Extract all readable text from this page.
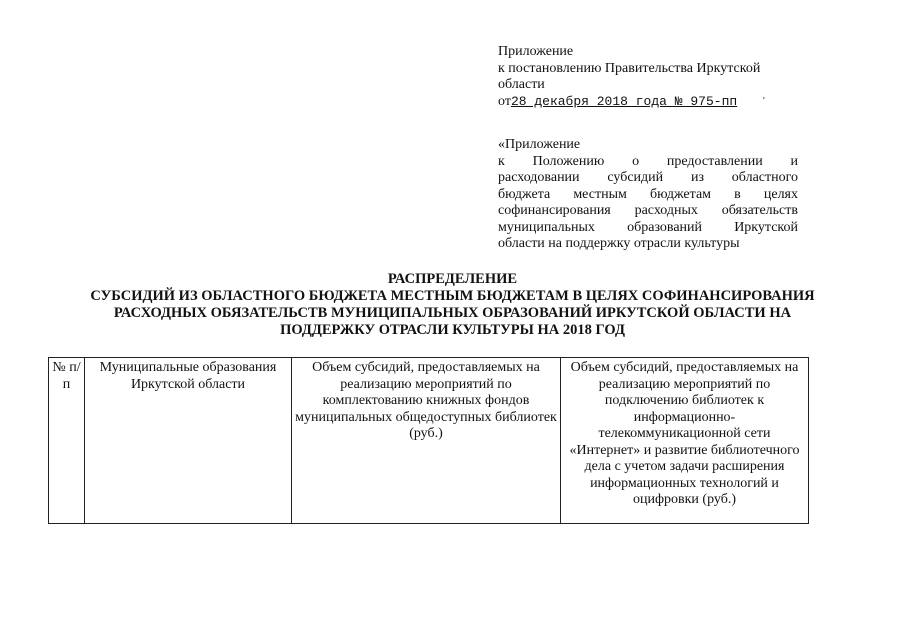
Приложение
к постановлению Правительства Иркутской
области
от28 декабря 2018 года № 975-пп	'
«Приложение
к Положению о предоставлении и
расходовании субсидий из областного
бюджета местным бюджетам в целях
софинансирования расходных обязательств
муниципальных образований Иркутской
области на поддержку отрасли культуры
РАСПРЕДЕЛЕНИЕ
СУБСИДИЙ ИЗ ОБЛАСТНОГО БЮДЖЕТА МЕСТНЫМ БЮДЖЕТАМ В ЦЕЛЯХ СОФИНАНСИРОВАНИЯ
РАСХОДНЫХ ОБЯЗАТЕЛЬСТВ МУНИЦИПАЛЬНЫХ ОБРАЗОВАНИЙ ИРКУТСКОЙ ОБЛАСТИ НА
ПОДДЕРЖКУ ОТРАСЛИ КУЛЬТУРЫ НА 2018 ГОД
№ п/п	Муниципальные образования Иркутской области	Объем субсидий, предоставляемых на реализацию мероприятий по комплектованию книжных фондов муниципальных общедоступных библиотек (руб.)	Объем субсидий, предоставляемых на реализацию мероприятий по подключению библиотек к информационно-телекоммуникационной сети «Интернет» и развитие библиотечного дела с учетом задачи расширения информационных технологий и оцифровки (руб.)
